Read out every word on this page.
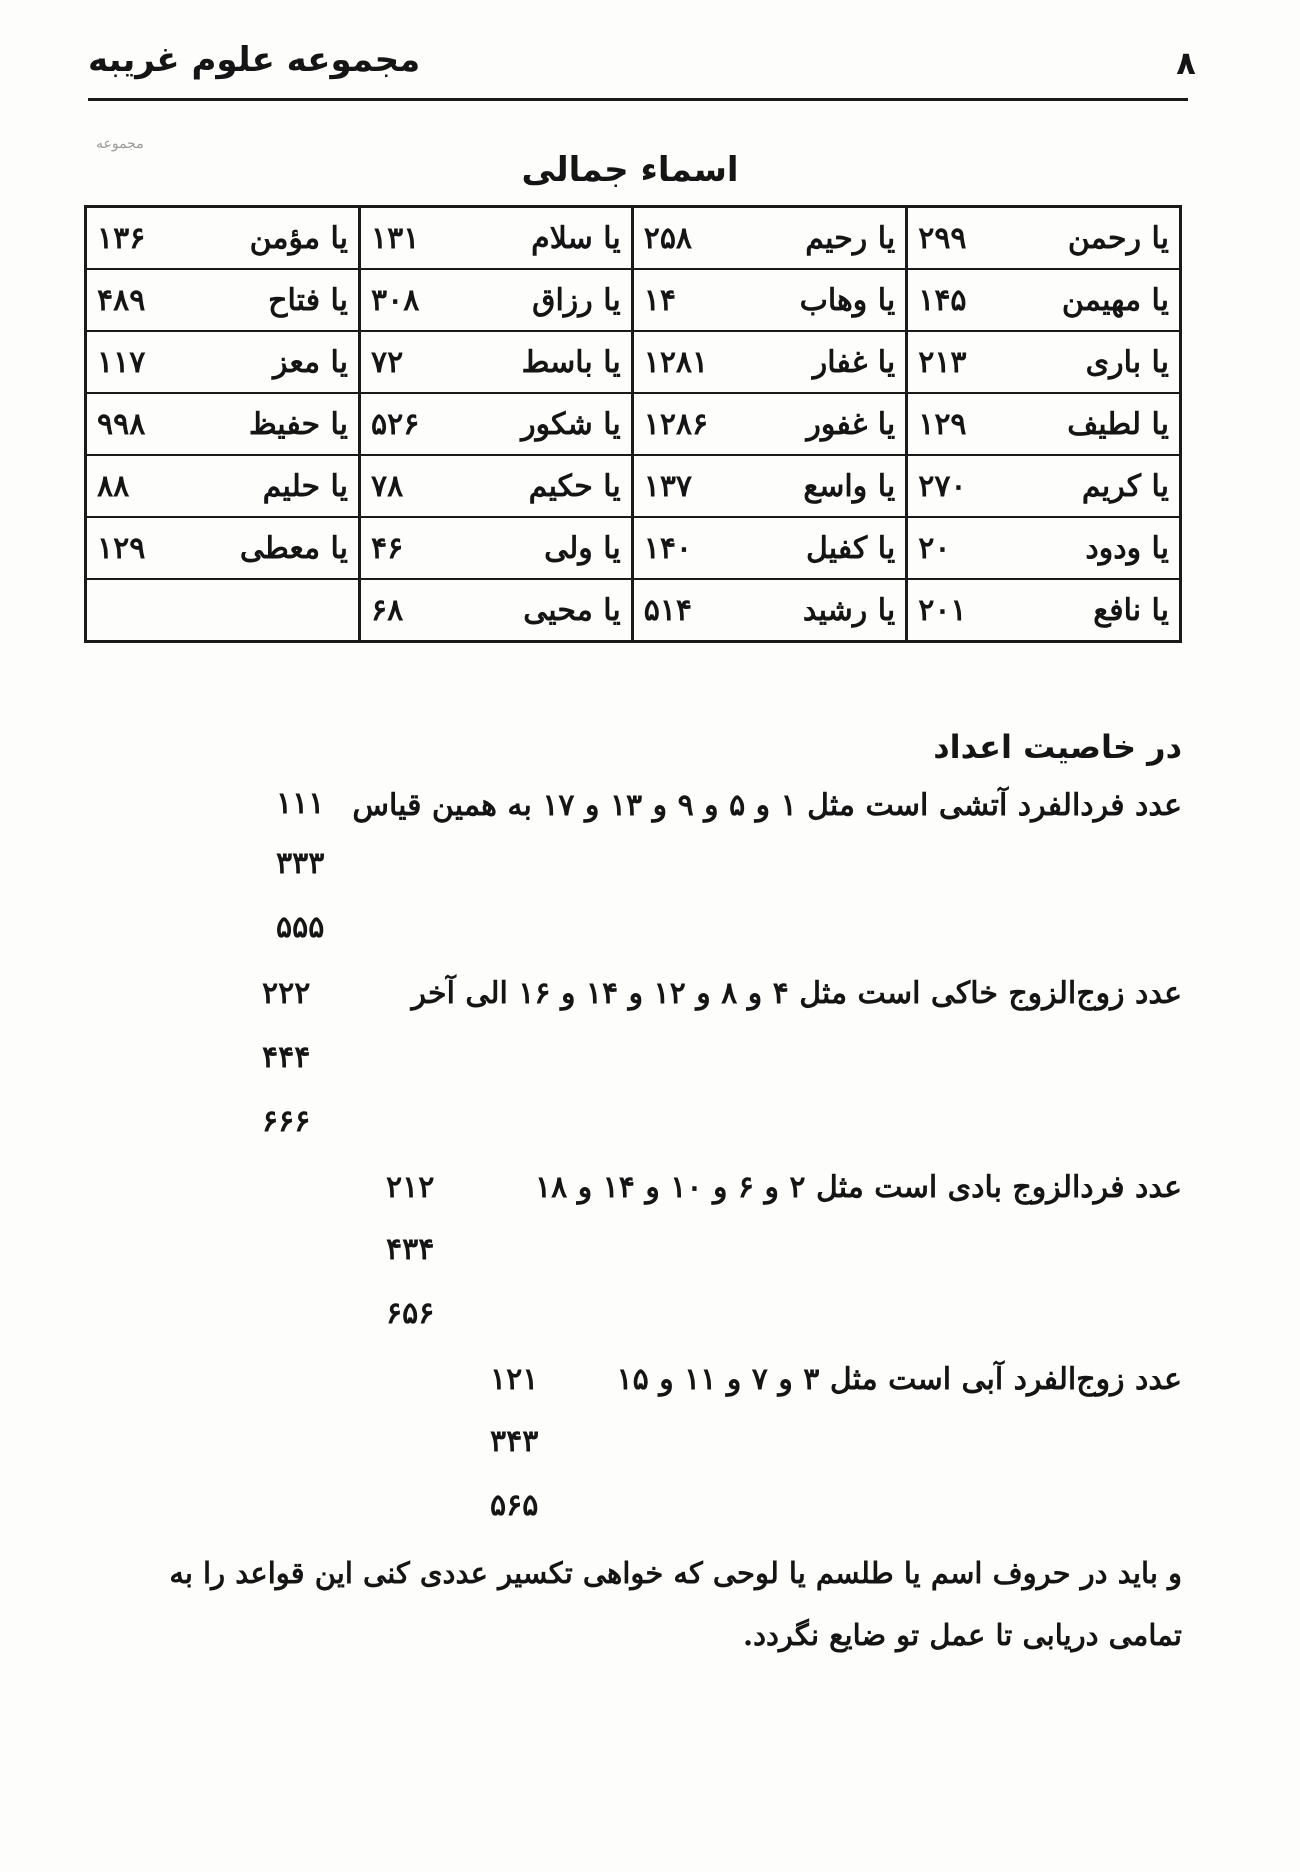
مجموعه علوم غریبه	۸
مجموعه
اسماء جمالی
یا رحمن	۲۹۹	یا رحیم	۲۵۸	یا سلام	۱۳۱	یا مؤمن	۱۳۶
یا مهیمن	۱۴۵	یا وهاب	۱۴	یا رزاق	۳۰۸	یا فتاح	۴۸۹
یا باری	۲۱۳	یا غفار	۱۲۸۱	یا باسط	۷۲	یا معز	۱۱۷
یا لطیف	۱۲۹	یا غفور	۱۲۸۶	یا شکور	۵۲۶	یا حفیظ	۹۹۸
یا کریم	۲۷۰	یا واسع	۱۳۷	یا حکیم	۷۸	یا حلیم	۸۸
یا ودود	۲۰	یا کفیل	۱۴۰	یا ولی	۴۶	یا معطی	۱۲۹
یا نافع	۲۰۱	یا رشید	۵۱۴	یا محیی	۶۸		
در خاصیت اعداد
عدد فردالفرد آتشی است مثل ۱ و ۵ و ۹ و ۱۳ و ۱۷ به همین قیاس
۱۱۱
۳۳۳
۵۵۵
عدد زوج‌الزوج خاکی است مثل ۴ و ۸ و ۱۲ و ۱۴ و ۱۶ الی آخر
۲۲۲
۴۴۴
۶۶۶
عدد فردالزوج بادی است مثل ۲ و ۶ و ۱۰ و ۱۴ و ۱۸
۲۱۲
۴۳۴
۶۵۶
عدد زوج‌الفرد آبی است مثل ۳ و ۷ و ۱۱ و ۱۵
۱۲۱
۳۴۳
۵۶۵
و باید در حروف اسم یا طلسم یا لوحی که خواهی تکسیر عددی کنی این قواعد را به
تمامی دریابی تا عمل تو ضایع نگردد.
